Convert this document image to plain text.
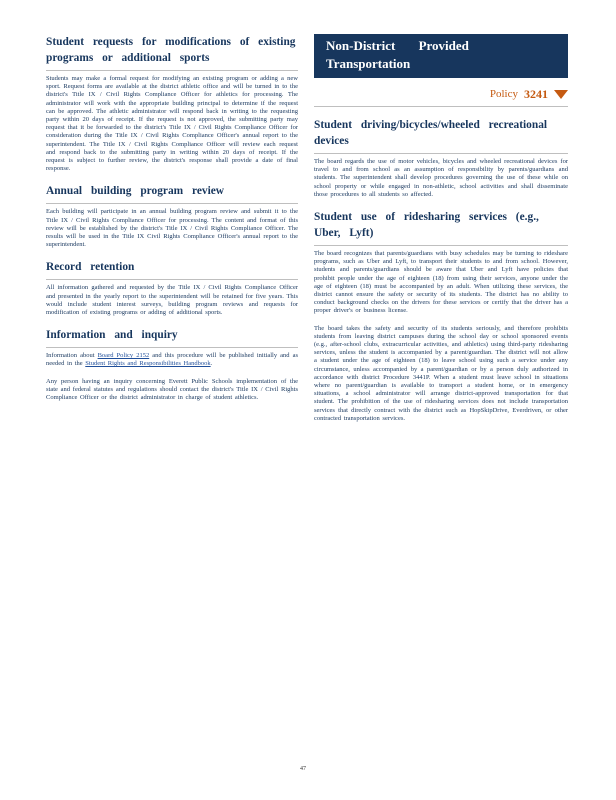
Student requests for modifications of existing programs or additional sports

Students may make a formal request for modifying an existing program or adding a new sport. Request forms are available at the district athletic office and will be turned in to the district's Title IX / Civil Rights Compliance Officer for athletics for processing. The administrator will work with the appropriate building principal to determine if the request can be approved. The athletic administrator will respond back in writing to the requesting party within 20 days of receipt. If the request is not approved, the submitting party may request that it be forwarded to the district's Title IX / Civil Rights Compliance Officer for consideration during the Title IX / Civil Rights Compliance Officer's annual report to the superintendent. The Title IX / Civil Rights Compliance Officer will review each request and respond back to the submitting party in writing within 20 days of receipt. If the request is subject to further review, the district's response shall provide a date of final response.

Annual building program review

Each building will participate in an annual building program review and submit it to the Title IX / Civil Rights Compliance Officer for processing. The content and format of this review will be established by the district's Title IX / Civil Rights Compliance Officer. The results will be used in the Title IX Civil Rights Compliance Officer's annual report to the superintendent.

Record retention

All information gathered and requested by the Title IX / Civil Rights Compliance Officer and presented in the yearly report to the superintendent will be retained for five years. This would include student interest surveys, building program reviews and requests for modification of existing programs or adding of additional sports.

Information and inquiry

Information about Board Policy 2152 and this procedure will be published initially and as needed in the Student Rights and Responsibilities Handbook.

Any person having an inquiry concerning Everett Public Schools implementation of the state and federal statutes and regulations should contact the district's Title IX / Civil Rights Compliance Officer or the district administrator in charge of student athletics.

Non-District Provided Transportation
Policy 3241
Student driving/bicycles/wheeled recreational devices

The board regards the use of motor vehicles, bicycles and wheeled recreational devices for travel to and from school as an assumption of responsibility by parents/guardians and students. The superintendent shall develop procedures governing the use of these while on school property or while engaged in non-athletic, school activities and shall disseminate those procedures to all students so affected.

Student use of ridesharing services (e.g., Uber, Lyft)

The board recognizes that parents/guardians with busy schedules may be turning to rideshare programs, such as Uber and Lyft, to transport their students to and from school. However, students and parents/guardians should be aware that Uber and Lyft have policies that prohibit people under the age of eighteen (18) from using their services, anyone under the age of eighteen (18) must be accompanied by an adult. When utilizing these services, the district cannot ensure the safety or security of its students. The district has no ability to conduct background checks on the drivers for these services or certify that the driver has a proper driver's or business license.

The board takes the safety and security of its students seriously, and therefore prohibits students from leaving district campuses during the school day or school sponsored events (e.g., after-school clubs, extracurricular activities, and athletics) using third-party ridesharing services, unless the student is accompanied by a parent/guardian. The district will not allow a student under the age of eighteen (18) to leave school using such a service under any circumstance, unless accompanied by a parent/guardian or by a person duly authorized in accordance with district Procedure 3441P. When a student must leave school in situations where no parent/guardian is available to transport a student home, or in emergency situations, a school administrator will arrange district-approved transportation for that student. The prohibition of the use of ridesharing services does not include transportation services that directly contract with the district such as HopSkipDrive, Everdriven, or other contracted transportation services.

47
